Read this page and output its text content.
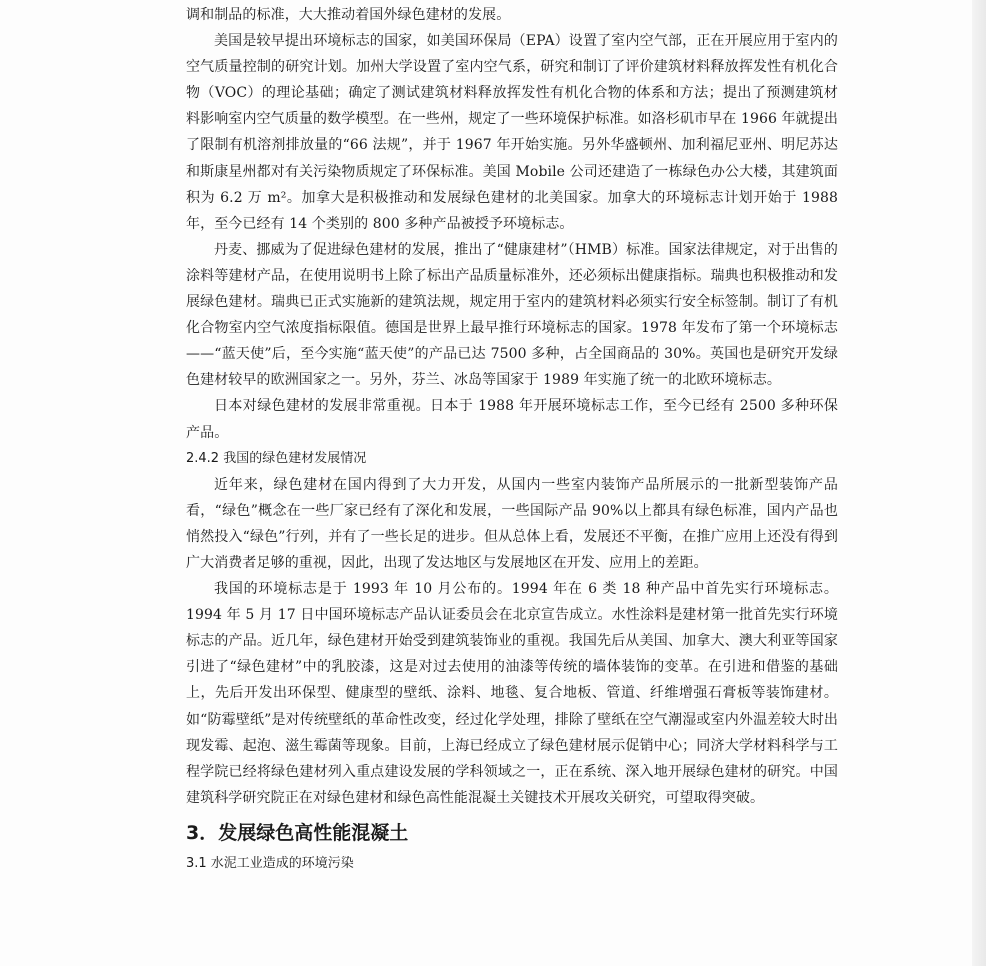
调和制品的标准，大大推动着国外绿色建材的发展。

美国是较早提出环境标志的国家，如美国环保局（EPA）设置了室内空气部，正在开展应用于室内的空气质量控制的研究计划。加州大学设置了室内空气系，研究和制订了评价建筑材料释放挥发性有机化合物（VOC）的理论基础；确定了测试建筑材料释放挥发性有机化合物的体系和方法；提出了预测建筑材料影响室内空气质量的数学模型。在一些州，规定了一些环境保护标准。如洛杉矶市早在 1966 年就提出了限制有机溶剂排放量的“66 法规”，并于 1967 年开始实施。另外华盛顿州、加利福尼亚州、明尼苏达和斯康星州都对有关污染物质规定了环保标准。美国 Mobile 公司还建造了一栋绿色办公大楼，其建筑面积为 6.2 万 m²。加拿大是积极推动和发展绿色建材的北美国家。加拿大的环境标志计划开始于 1988 年，至今已经有 14 个类别的 800 多种产品被授予环境标志。

丹麦、挪威为了促进绿色建材的发展，推出了“健康建材”（HMB）标准。国家法律规定，对于出售的涂料等建材产品，在使用说明书上除了标出产品质量标准外，还必须标出健康指标。瑞典也积极推动和发展绿色建材。瑞典已正式实施新的建筑法规，规定用于室内的建筑材料必须实行安全标签制。制订了有机化合物室内空气浓度指标限值。德国是世界上最早推行环境标志的国家。1978 年发布了第一个环境标志——“蓝天使”后，至今实施“蓝天使”的产品已达 7500 多种，占全国商品的 30%。英国也是研究开发绿色建材较早的欧洲国家之一。另外，芬兰、冰岛等国家于 1989 年实施了统一的北欧环境标志。

日本对绿色建材的发展非常重视。日本于 1988 年开展环境标志工作，至今已经有 2500 多种环保产品。

2.4.2 我国的绿色建材发展情况

近年来，绿色建材在国内得到了大力开发，从国内一些室内装饰产品所展示的一批新型装饰产品看，“绿色”概念在一些厂家已经有了深化和发展，一些国际产品 90%以上都具有绿色标准，国内产品也悄然投入“绿色”行列，并有了一些长足的进步。但从总体上看，发展还不平衡，在推广应用上还没有得到广大消费者足够的重视，因此，出现了发达地区与发展地区在开发、应用上的差距。

我国的环境标志是于 1993 年 10 月公布的。1994 年在 6 类 18 种产品中首先实行环境标志。1994 年 5 月 17 日中国环境标志产品认证委员会在北京宣告成立。水性涂料是建材第一批首先实行环境标志的产品。近几年，绿色建材开始受到建筑装饰业的重视。我国先后从美国、加拿大、澳大利亚等国家引进了“绿色建材”中的乳胶漆，这是对过去使用的油漆等传统的墙体装饰的变革。在引进和借鉴的基础上，先后开发出环保型、健康型的壁纸、涂料、地毯、复合地板、管道、纤维增强石膏板等装饰建材。如“防霉壁纸”是对传统壁纸的革命性改变，经过化学处理，排除了壁纸在空气潮湿或室内外温差较大时出现发霉、起泡、滋生霉菌等现象。目前，上海已经成立了绿色建材展示促销中心；同济大学材料科学与工程学院已经将绿色建材列入重点建设发展的学科领域之一，正在系统、深入地开展绿色建材的研究。中国建筑科学研究院正在对绿色建材和绿色高性能混凝土关键技术开展攻关研究，可望取得突破。

3．发展绿色高性能混凝土

3.1 水泥工业造成的环境污染
